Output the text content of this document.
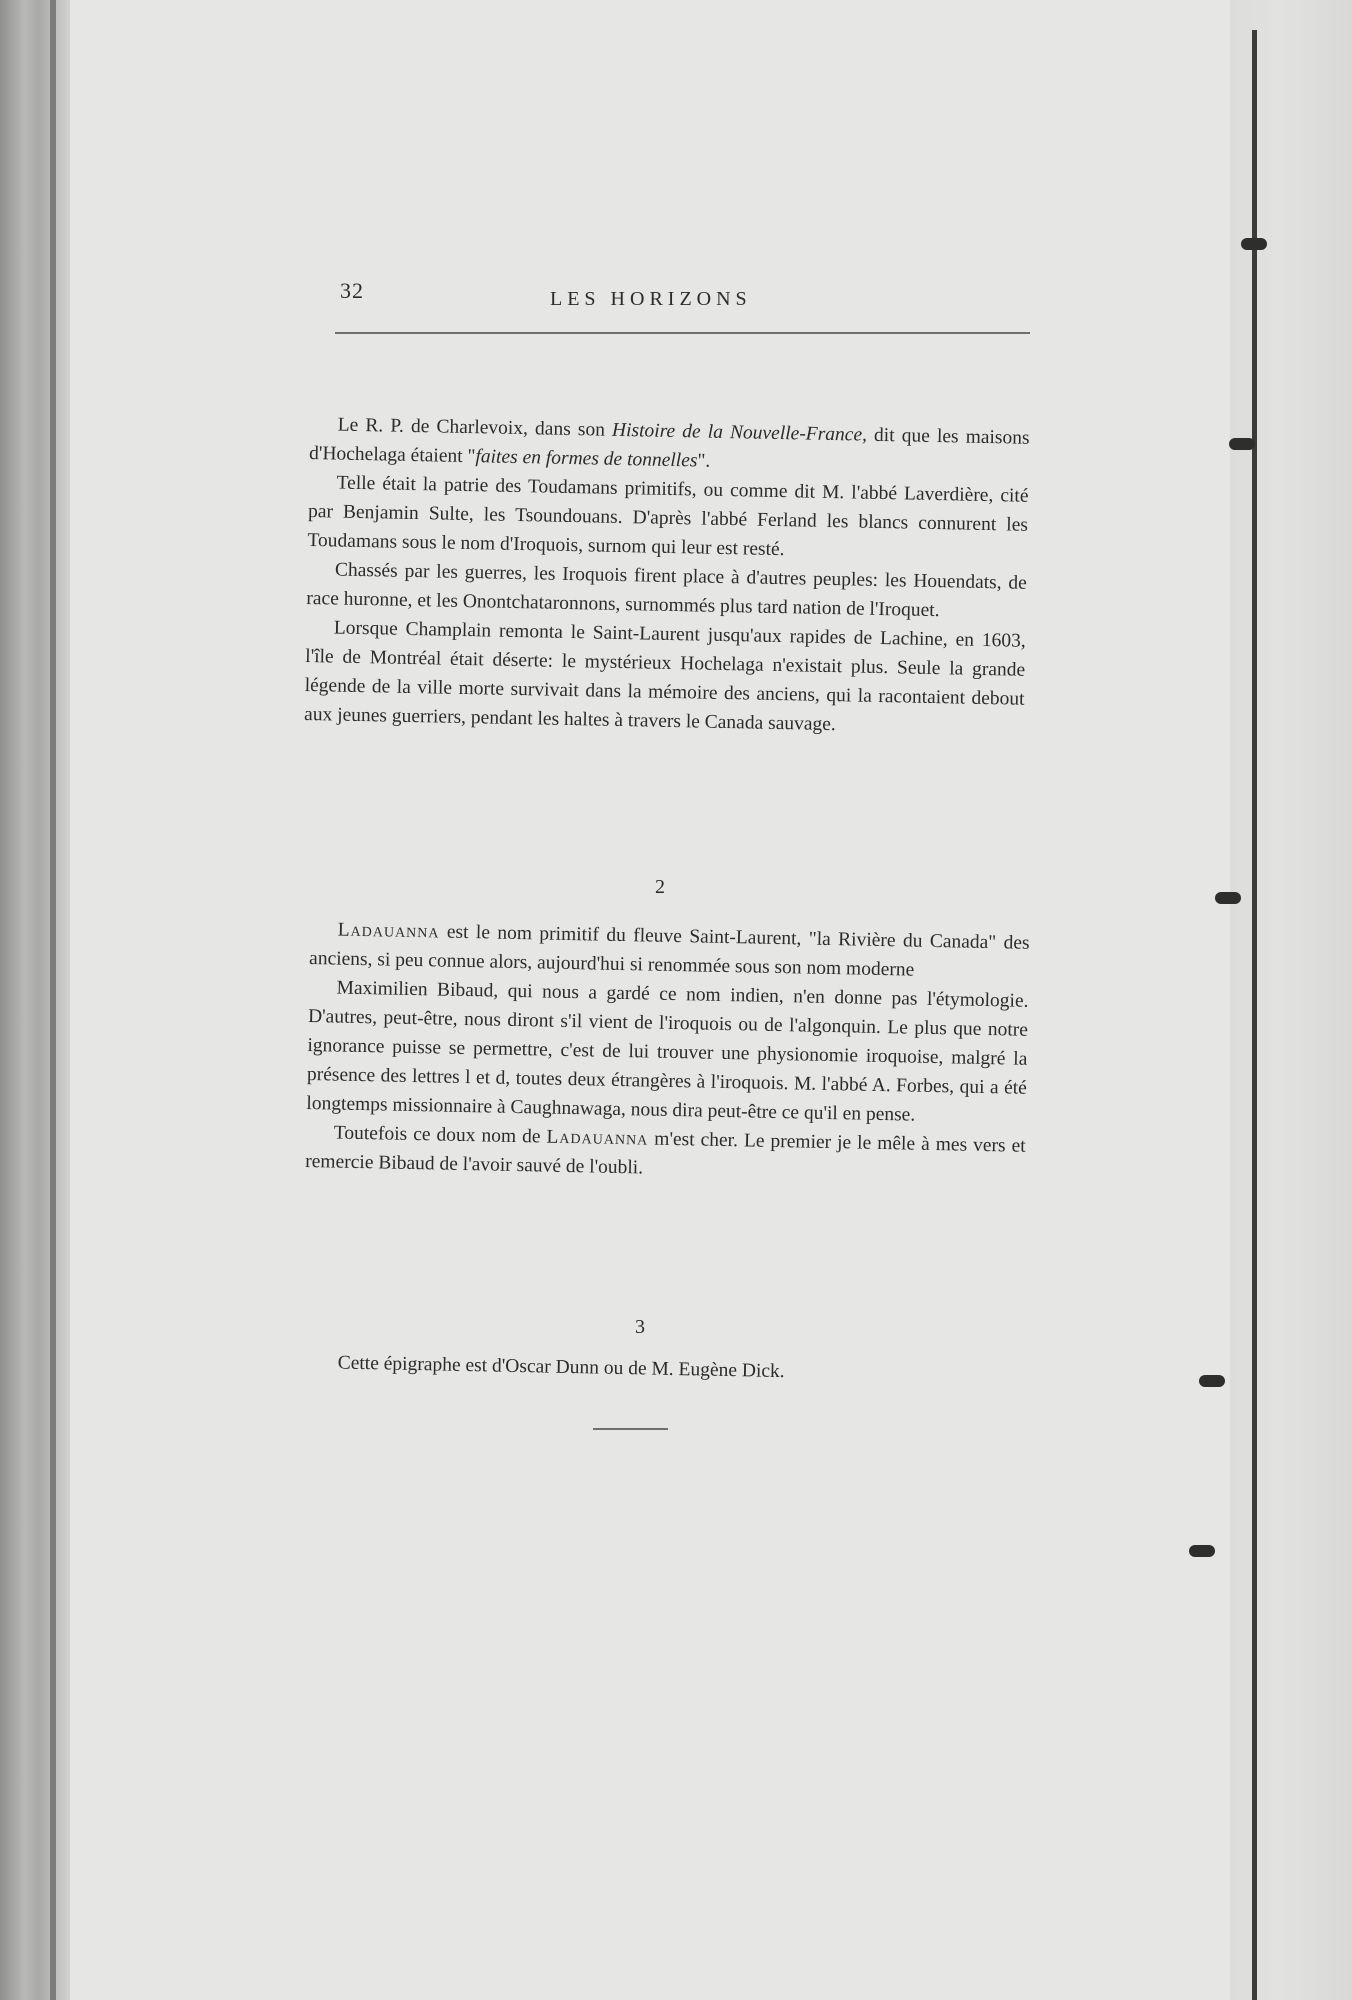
32	LES HORIZONS

Le R. P. de Charlevoix, dans son Histoire de la Nouvelle-France, dit que les maisons d'Hochelaga étaient "faites en formes de tonnelles".

Telle était la patrie des Toudamans primitifs, ou comme dit M. l'abbé Laverdière, cité par Benjamin Sulte, les Tsoundouans. D'après l'abbé Ferland les blancs connurent les Toudamans sous le nom d'Iroquois, surnom qui leur est resté.

Chassés par les guerres, les Iroquois firent place à d'autres peuples: les Houendats, de race huronne, et les Onontchataronnons, surnommés plus tard nation de l'Iroquet.

Lorsque Champlain remonta le Saint-Laurent jusqu'aux rapides de Lachine, en 1603, l'île de Montréal était déserte: le mystérieux Hochelaga n'existait plus. Seule la grande légende de la ville morte survivait dans la mémoire des anciens, qui la racontaient debout aux jeunes guerriers, pendant les haltes à travers le Canada sauvage.

2

Ladauanna est le nom primitif du fleuve Saint-Laurent, "la Rivière du Canada" des anciens, si peu connue alors, aujourd'hui si renommée sous son nom moderne

Maximilien Bibaud, qui nous a gardé ce nom indien, n'en donne pas l'étymologie. D'autres, peut-être, nous diront s'il vient de l'iroquois ou de l'algonquin. Le plus que notre ignorance puisse se permettre, c'est de lui trouver une physionomie iroquoise, malgré la présence des lettres l et d, toutes deux étrangères à l'iroquois. M. l'abbé A. Forbes, qui a été longtemps missionnaire à Caughnawaga, nous dira peut-être ce qu'il en pense.

Toutefois ce doux nom de Ladauanna m'est cher. Le premier je le mêle à mes vers et remercie Bibaud de l'avoir sauvé de l'oubli.

3

Cette épigraphe est d'Oscar Dunn ou de M. Eugène Dick.
